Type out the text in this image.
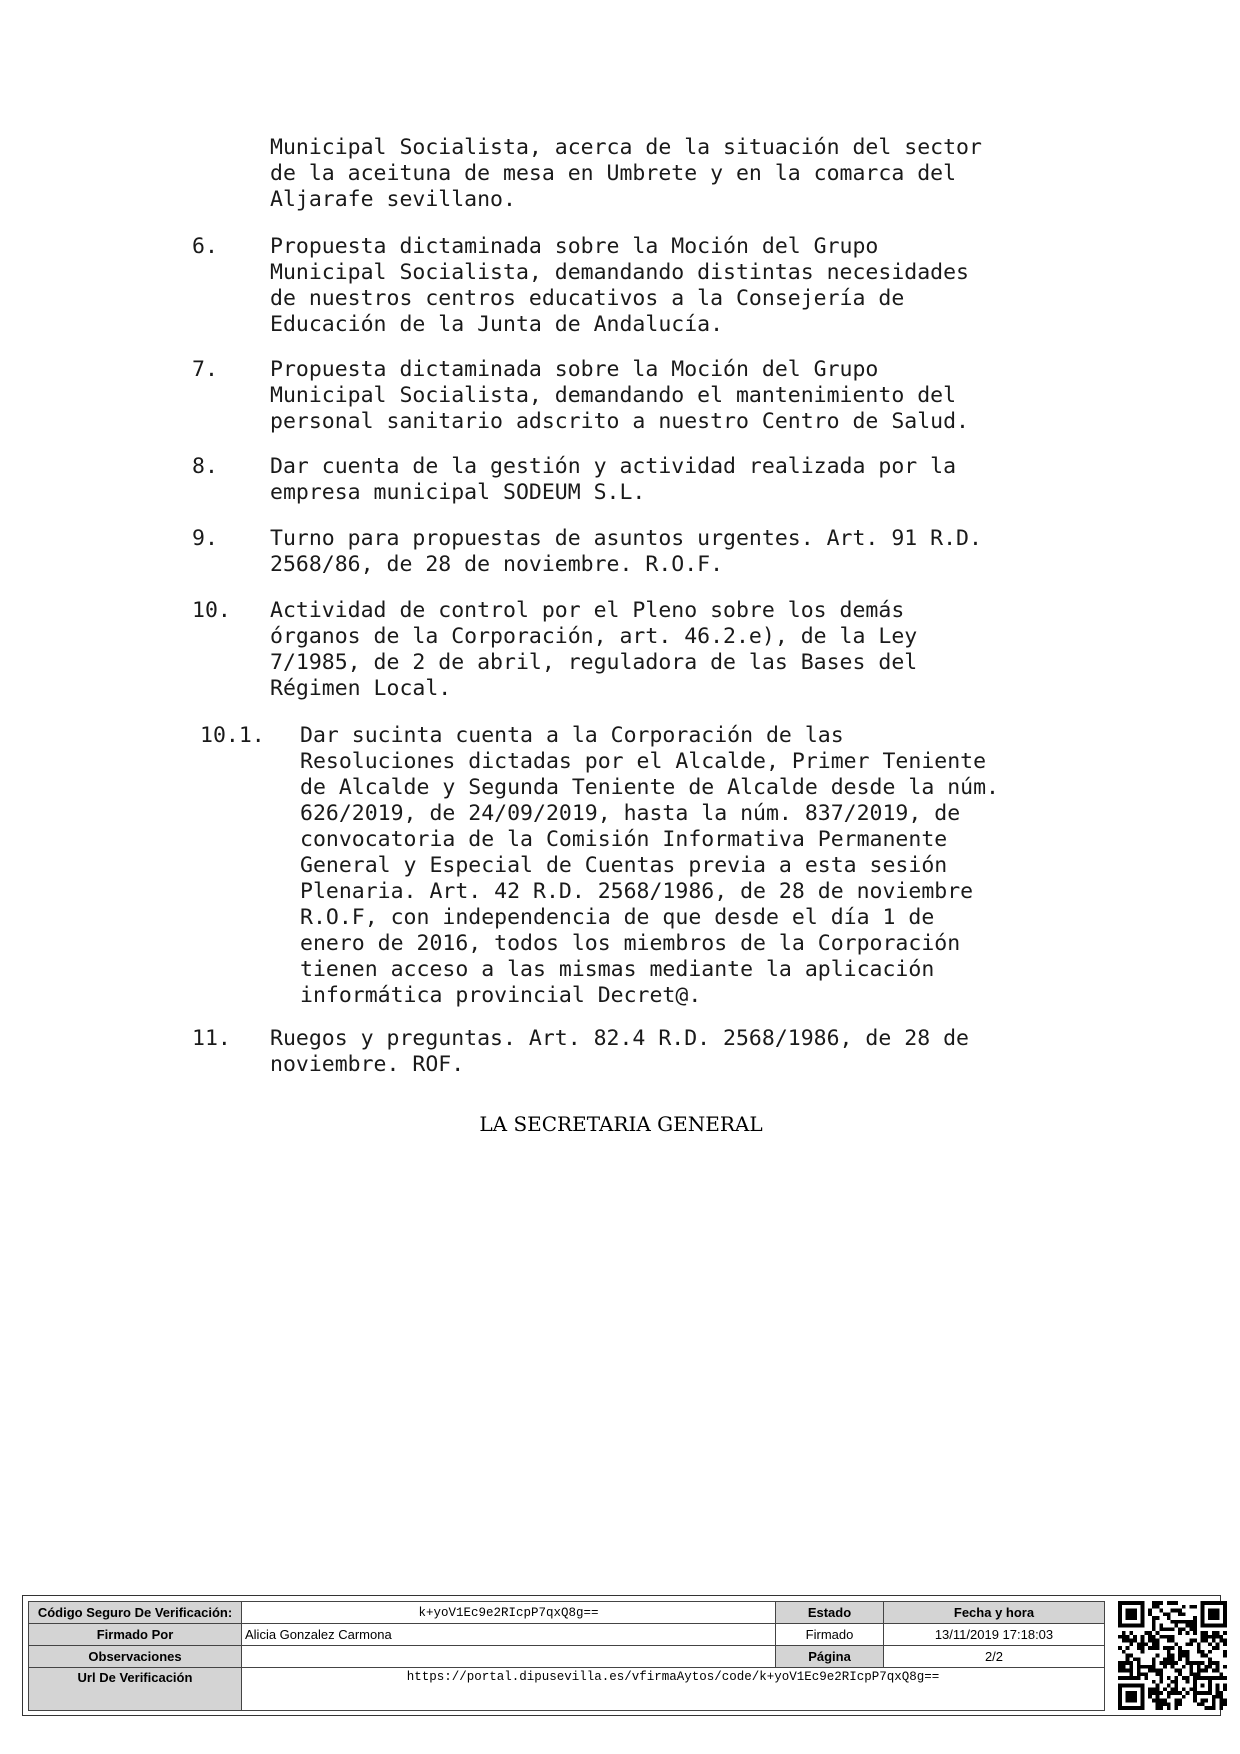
Municipal Socialista, acerca de la situación del sector
de la aceituna de mesa en Umbrete y en la comarca del
Aljarafe sevillano.
6. Propuesta dictaminada sobre la Moción del Grupo
Municipal Socialista, demandando distintas necesidades
de nuestros centros educativos a la Consejería de
Educación de la Junta de Andalucía.
7. Propuesta dictaminada sobre la Moción del Grupo
Municipal Socialista, demandando el mantenimiento del
personal sanitario adscrito a nuestro Centro de Salud.
8. Dar cuenta de la gestión y actividad realizada por la
empresa municipal SODEUM S.L.
9. Turno para propuestas de asuntos urgentes. Art. 91 R.D.
2568/86, de 28 de noviembre. R.O.F.
10. Actividad de control por el Pleno sobre los demás
órganos de la Corporación, art. 46.2.e), de la Ley
7/1985, de 2 de abril, reguladora de las Bases del
Régimen Local.
10.1. Dar sucinta cuenta a la Corporación de las
Resoluciones dictadas por el Alcalde, Primer Teniente
de Alcalde y Segunda Teniente de Alcalde desde la núm.
626/2019, de 24/09/2019, hasta la núm. 837/2019, de
convocatoria de la Comisión Informativa Permanente
General y Especial de Cuentas previa a esta sesión
Plenaria. Art. 42 R.D. 2568/1986, de 28 de noviembre
R.O.F, con independencia de que desde el día 1 de
enero de 2016, todos los miembros de la Corporación
tienen acceso a las mismas mediante la aplicación
informática provincial Decret@.
11. Ruegos y preguntas. Art. 82.4 R.D. 2568/1986, de 28 de
noviembre. ROF.
LA SECRETARIA GENERAL
Código Seguro De Verificación:	k+yoV1Ec9e2RIcpP7qxQ8g==	Estado	Fecha y hora
Firmado Por	Alicia Gonzalez Carmona	Firmado	13/11/2019 17:18:03
Observaciones		Página	2/2
Url De Verificación	https://portal.dipusevilla.es/vfirmaAytos/code/k+yoV1Ec9e2RIcpP7qxQ8g==		
